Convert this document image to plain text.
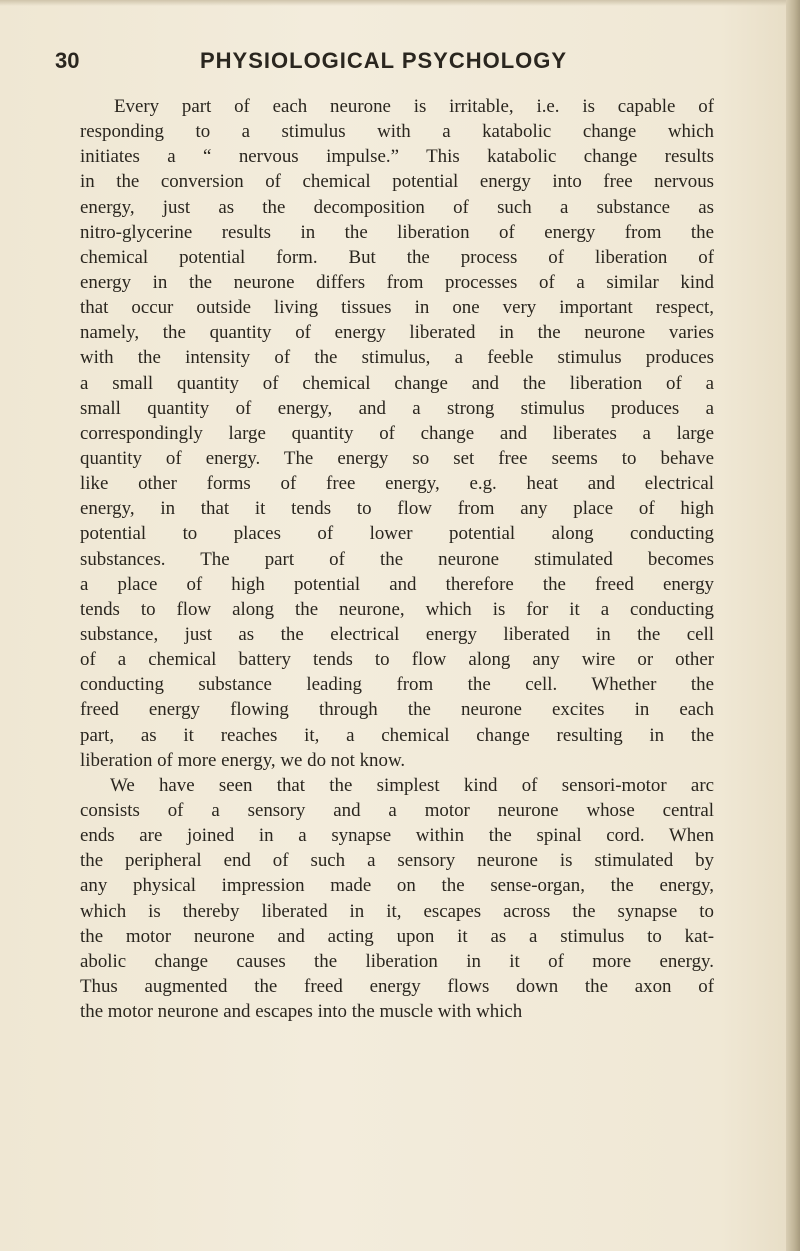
30	PHYSIOLOGICAL PSYCHOLOGY
Every part of each neurone is irritable, i.e. is capable of
responding to a stimulus with a katabolic change which
initiates a “ nervous impulse.” This katabolic change results
in the conversion of chemical potential energy into free nervous
energy, just as the decomposition of such a substance as
nitro-glycerine results in the liberation of energy from the
chemical potential form. But the process of liberation of
energy in the neurone differs from processes of a similar kind
that occur outside living tissues in one very important respect,
namely, the quantity of energy liberated in the neurone varies
with the intensity of the stimulus, a feeble stimulus produces
a small quantity of chemical change and the liberation of a
small quantity of energy, and a strong stimulus produces a
correspondingly large quantity of change and liberates a large
quantity of energy. The energy so set free seems to behave
like other forms of free energy, e.g. heat and electrical
energy, in that it tends to flow from any place of high
potential to places of lower potential along conducting
substances. The part of the neurone stimulated becomes
a place of high potential and therefore the freed energy
tends to flow along the neurone, which is for it a conducting
substance, just as the electrical energy liberated in the cell
of a chemical battery tends to flow along any wire or other
conducting substance leading from the cell. Whether the
freed energy flowing through the neurone excites in each
part, as it reaches it, a chemical change resulting in the
liberation of more energy, we do not know.
We have seen that the simplest kind of sensori-motor arc
consists of a sensory and a motor neurone whose central
ends are joined in a synapse within the spinal cord. When
the peripheral end of such a sensory neurone is stimulated by
any physical impression made on the sense-organ, the energy,
which is thereby liberated in it, escapes across the synapse to
the motor neurone and acting upon it as a stimulus to kat-
abolic change causes the liberation in it of more energy.
Thus augmented the freed energy flows down the axon of
the motor neurone and escapes into the muscle with which
